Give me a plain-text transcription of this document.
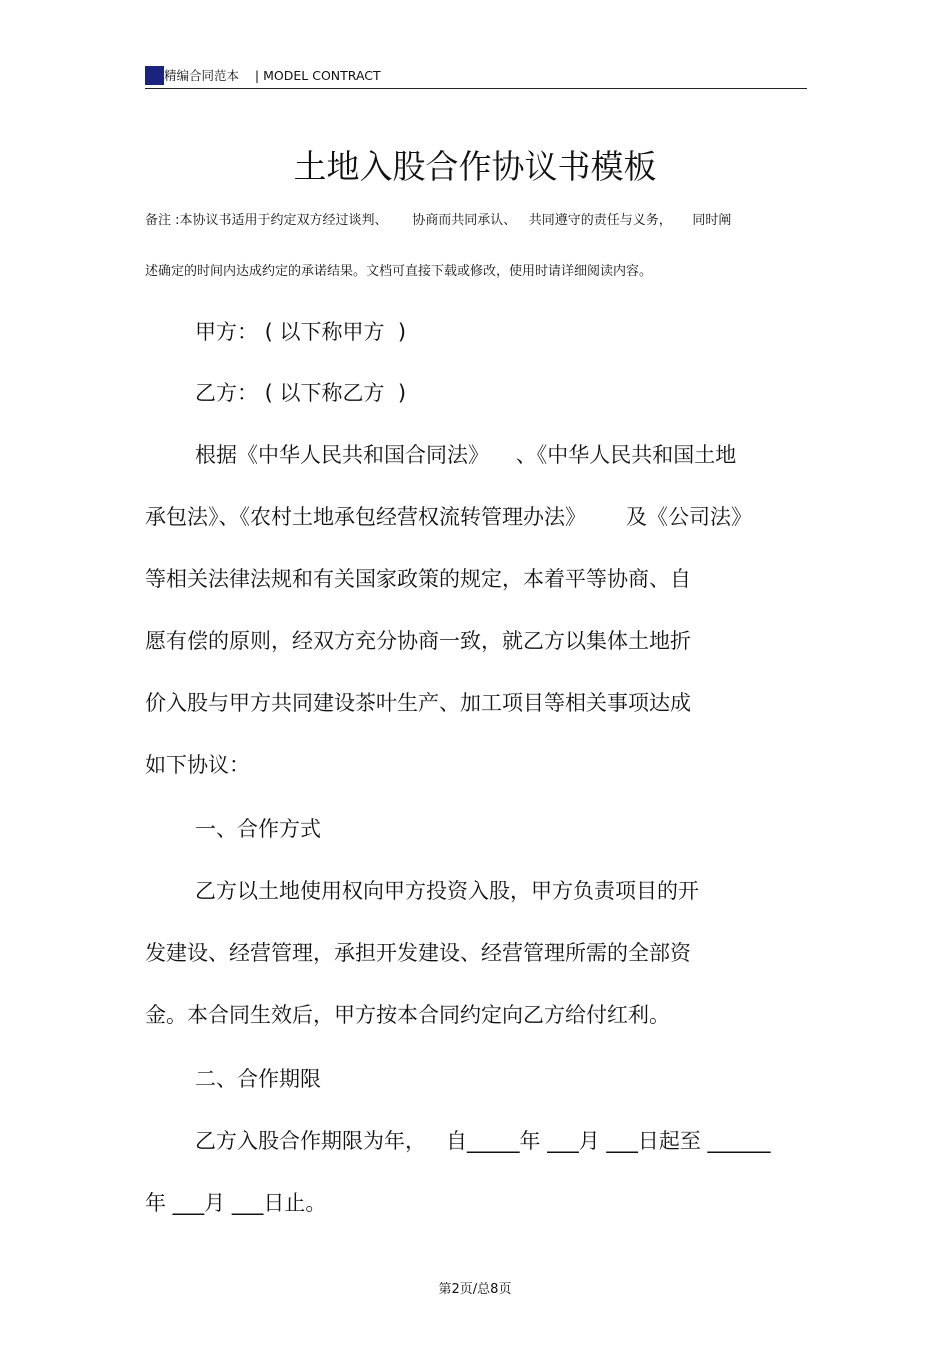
精编合同范本 | MODEL CONTRACT
土地入股合作协议书模板
备注 :本协议书适用于约定双方经过谈判、      协商而共同承认、   共同遵守的责任与义务，     同时阐
述确定的时间内达成约定的承诺结果。文档可直接下载或修改，使用时请详细阅读内容。
甲方： ( 以下称甲方  )
乙方： ( 以下称乙方  )
根据《中华人民共和国合同法》    、《中华人民共和国土地
承包法》、《农村土地承包经营权流转管理办法》      及《公司法》
等相关法律法规和有关国家政策的规定，本着平等协商、自
愿有偿的原则，经双方充分协商一致，就乙方以集体土地折
价入股与甲方共同建设茶叶生产、加工项目等相关事项达成
如下协议：
一、合作方式
乙方以土地使用权向甲方投资入股，甲方负责项目的开
发建设、经营管理，承担开发建设、经营管理所需的全部资
金。本合同生效后，甲方按本合同约定向乙方给付红利。
二、合作期限
乙方入股合作期限为年，   自_____年 ___月 ___日起至 ______
年 ___月 ___日止。
第2页/总8页
